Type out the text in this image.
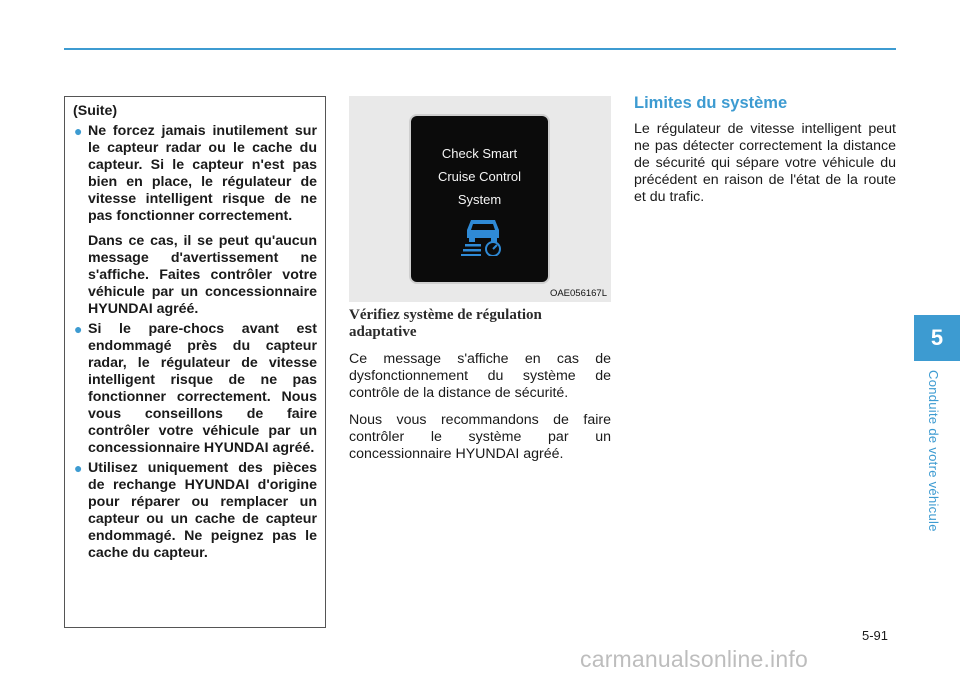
(Suite)
● Ne forcez jamais inutilement sur le capteur radar ou le cache du capteur. Si le capteur n'est pas bien en place, le régulateur de vitesse intelligent risque de ne pas fonctionner correctement.

Dans ce cas, il se peut qu'aucun message d'avertissement ne s'affiche. Faites contrôler votre véhicule par un concessionnaire HYUNDAI agréé.

● Si le pare-chocs avant est endommagé près du capteur radar, le régulateur de vitesse intelligent risque de ne pas fonctionner correctement. Nous vous conseillons de faire contrôler votre véhicule par un concessionnaire HYUNDAI agréé.

● Utilisez uniquement des pièces de rechange HYUNDAI d'origine pour réparer ou remplacer un capteur ou un cache de capteur endommagé. Ne peignez pas le cache du capteur.

Check Smart
Cruise Control
System
OAE056167L
Vérifiez système de régulation adaptative

Ce message s'affiche en cas de dysfonctionnement du système de contrôle de la distance de sécurité.

Nous vous recommandons de faire contrôler le système par un concessionnaire HYUNDAI agréé.

Limites du système

Le régulateur de vitesse intelligent peut ne pas détecter correctement la distance de sécurité qui sépare votre véhicule du précédent en raison de l'état de la route et du trafic.

5
Conduite de votre véhicule
5-91
carmanualsonline.info
